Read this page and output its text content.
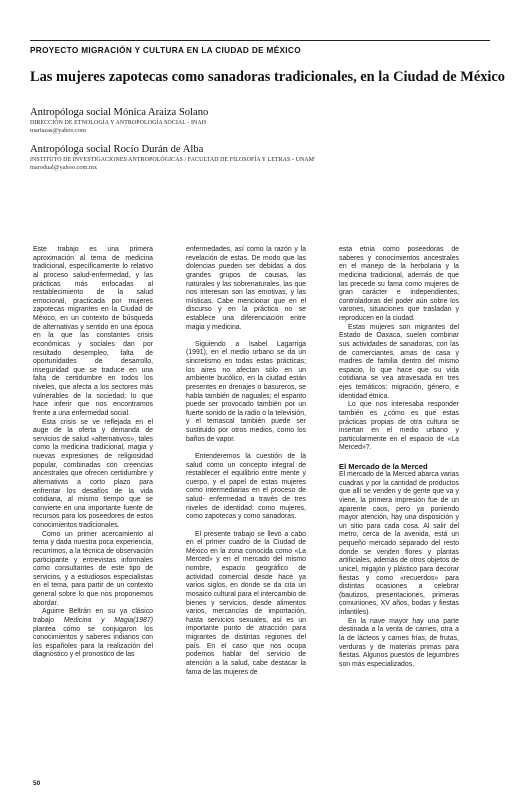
PROYECTO MIGRACIÓN Y CULTURA EN LA CIUDAD DE MÉXICO
Las mujeres zapotecas como sanadoras tradicionales, en la Ciudad de México
Antropóloga social Mónica Araiza Solano
DIRECCIÓN DE ETNOLOGÍA Y ANTROPOLOGÍA SOCIAL - INAH
mariazas@yahoo.com
Antropóloga social Rocío Durán de Alba
INSTITUTO DE INVESTIGACIONES ANTROPOLÓGICAS / FACULTAD DE FILOSOFÍA Y LETRAS - UNAM'
marodual@yahoo.com.mx

Este trabajo es una primera aproximación al tema de medicina tradicional, específicamente lo relativo al proceso salud-enfermedad, y las prácticas más enfocadas al restablecimiento de la salud emocional, practicada por mujeres zapotecas migrantes en la Ciudad de México, en un contexto de búsqueda de alternativas y sentido en una época en la que las constantes crisis económicas y sociales dan por resultado desempleo, falta de oportunidades de desarrollo, inseguridad que se traduce en una falta de certidumbre en todos los niveles, que afecta a los sectores más vulnerables de la sociedad; lo que hace inferir que nos encontramos frente a una enfermedad social.

Esta crisis se ve reflejada en el auge de la oferta y demanda de servicios de salud «alternativos», tales como la medicina tradicional, magia y nuevas expresiones de religiosidad popular, combinadas con creencias ancestrales que ofrecen certidumbre y alternativas a corto plazo para enfrentar los desafíos de la vida cotidiana, al mismo tiempo que se convierte en una importante fuente de recursos para los poseedores de estos conocimientos tradicionales.

Como un primer acercamiento al tema y dada nuestra poca experiencia, recurrimos, a la técnica de observación participante y entrevistas informales como consultantes de este tipo de servicios, y a estudiosos especialistas en el tema, para partir de un contexto general sobre lo que nos proponemos abordar.

Aguirre Beltrán en su ya clásico trabajo Medicina y Magia(1987) plantea cómo se conjugaron los conocimientos y saberes indianos con los españoles para la realización del diagnóstico y el pronostico de las

enfermedades, así como la razón y la revelación de estas. De modo que las dolencias pueden ser debidas a dos grandes grupos de causas, las naturales y las sobrenaturales, las que nos interesan son las emotivas, y las místicas. Cabe mencionar que en el discurso y en la práctica no se establece una diferenciación entre magia y medicina.

Siguiendo a Isabel Lagarriga (1991), en el medio urbano se da un sincretismo en todas estas prácticas; los aires no afectan sólo en un ambiente bucólico, en la ciudad están presentes en drenajes o basureros, se habla también de naguales; el espanto puede ser provocado también por un fuerte sonido de la radio o la televisión, y el temascal también puede ser sustituido por otros medios, como los baños de vapor.

Entenderemos la cuestión de la salud como un concepto integral de restablecer el equilibrio entre mente y cuerpo, y el papel de estas mujeres como intermediarias en el proceso de salud- enfermedad a través de tres niveles de identidad: como mujeres, como zapotecas y como sanadoras.

El presente trabajo se llevó a cabo en el primer cuadro de la Ciudad de México en la zona conocida como «La Merced» y en el mercado del mismo nombre, espacio geográfico de actividad comercial desde hace ya varios siglos, en donde se da cita un mosaico cultural para el intercambio de bienes y servicios, desde alimentos varios, mercancías de importación, hasta servicios sexuales, así es un importante punto de atracción para migrantes de distintas regiones del país. En el caso que nos ocupa podemos hablar del servicio de atención a la salud, cabe destacar la fama de las mujeres de

esta etnia como poseedoras de saberes y conocimientos ancestrales en el manejo de la herbolaria y la medicina tradicional, además de que las precede su fama como mujeres de gran carácter e independientes, controladoras del poder aún sobre los varones, situaciones que trasladan y reproducen en la ciudad.

Estas mujeres son migrantes del Estado de Oaxaca, suelen combinar sus actividades de sanadoras, con las de comerciantes, amas de casa y madres de familia dentro del mismo espacio, lo que hace que su vida cotidiana se vea atravesada en tres ejes temáticos: migración, género, e identidad étnica.

Lo que nos interesaba responder también es ¿cómo es que estas prácticas propias de otra cultura se insertan en el medio urbano y particularmente en el espacio de «La Merced»?.

El Mercado de la Merced

El mercado de la Merced abarca varias cuadras y por la cantidad de productos que allí se venden y de gente que va y viene, la primera impresión fue de un aparente caos, pero ya poniendo mayor atención, hay una disposición y un sitio para cada cosa. Al salir del metro, cerca de la avenida, está un pequeño mercado separado del resto donde se venden flores y plantas artificiales, además de otros objetos de unicel, migajón y plástico para decorar fiestas y como «recuerdos» para distintas ocasiones a celebrar (bautizos, presentaciones, primeras comuniones, XV años, bodas y fiestas infantiles).

En la nave mayor hay una parte destinada a la venta de carnes, otra a la de lácteos y carnes frías, de frutas, verduras y de materias primas para fiestas. Algunos puestos de legumbres son más especializados,

50
